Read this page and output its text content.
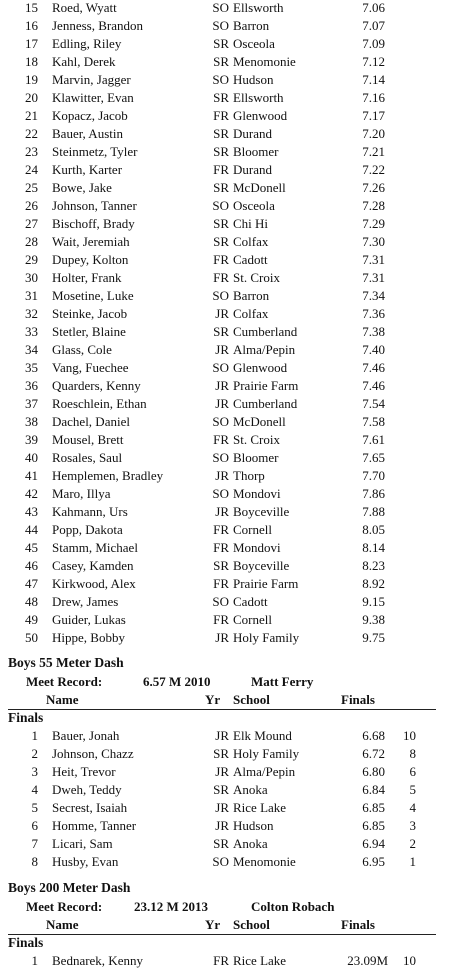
15 Roed, Wyatt	SO Ellsworth	7.06
16 Jenness, Brandon	SO Barron	7.07
17 Edling, Riley	SR Osceola	7.09
18 Kahl, Derek	SR Menomonie	7.12
19 Marvin, Jagger	SO Hudson	7.14
20 Klawitter, Evan	SR Ellsworth	7.16
21 Kopacz, Jacob	FR Glenwood	7.17
22 Bauer, Austin	SR Durand	7.20
23 Steinmetz, Tyler	SR Bloomer	7.21
24 Kurth, Karter	FR Durand	7.22
25 Bowe, Jake	SR McDonell	7.26
26 Johnson, Tanner	SO Osceola	7.28
27 Bischoff, Brady	SR Chi Hi	7.29
28 Wait, Jeremiah	SR Colfax	7.30
29 Dupey, Kolton	FR Cadott	7.31
30 Holter, Frank	FR St. Croix	7.31
31 Mosetine, Luke	SO Barron	7.34
32 Steinke, Jacob	JR Colfax	7.36
33 Stetler, Blaine	SR Cumberland	7.38
34 Glass, Cole	JR Alma/Pepin	7.40
35 Vang, Fuechee	SO Glenwood	7.46
36 Quarders, Kenny	JR Prairie Farm	7.46
37 Roeschlein, Ethan	JR Cumberland	7.54
38 Dachel, Daniel	SO McDonell	7.58
39 Mousel, Brett	FR St. Croix	7.61
40 Rosales, Saul	SO Bloomer	7.65
41 Hemplemen, Bradley	JR Thorp	7.70
42 Maro, Illya	SO Mondovi	7.86
43 Kahmann, Urs	JR Boyceville	7.88
44 Popp, Dakota	FR Cornell	8.05
45 Stamm, Michael	FR Mondovi	8.14
46 Casey, Kamden	SR Boyceville	8.23
47 Kirkwood, Alex	FR Prairie Farm	8.92
48 Drew, James	SO Cadott	9.15
49 Guider, Lukas	FR Cornell	9.38
50 Hippe, Bobby	JR Holy Family	9.75
Boys 55 Meter Dash
Meet Record:	6.57 M 2010	Matt Ferry
Name	Yr School	Finals
Finals
1 Bauer, Jonah	JR Elk Mound	6.68	10
2 Johnson, Chazz	SR Holy Family	6.72	8
3 Heit, Trevor	JR Alma/Pepin	6.80	6
4 Dweh, Teddy	SR Anoka	6.84	5
5 Secrest, Isaiah	JR Rice Lake	6.85	4
6 Homme, Tanner	JR Hudson	6.85	3
7 Licari, Sam	SR Anoka	6.94	2
8 Husby, Evan	SO Menomonie	6.95	1
Boys 200 Meter Dash
Meet Record: 23.12 M 2013	Colton Robach
Name	Yr School	Finals
Finals
1 Bednarek, Kenny	FR Rice Lake	23.09M	10
